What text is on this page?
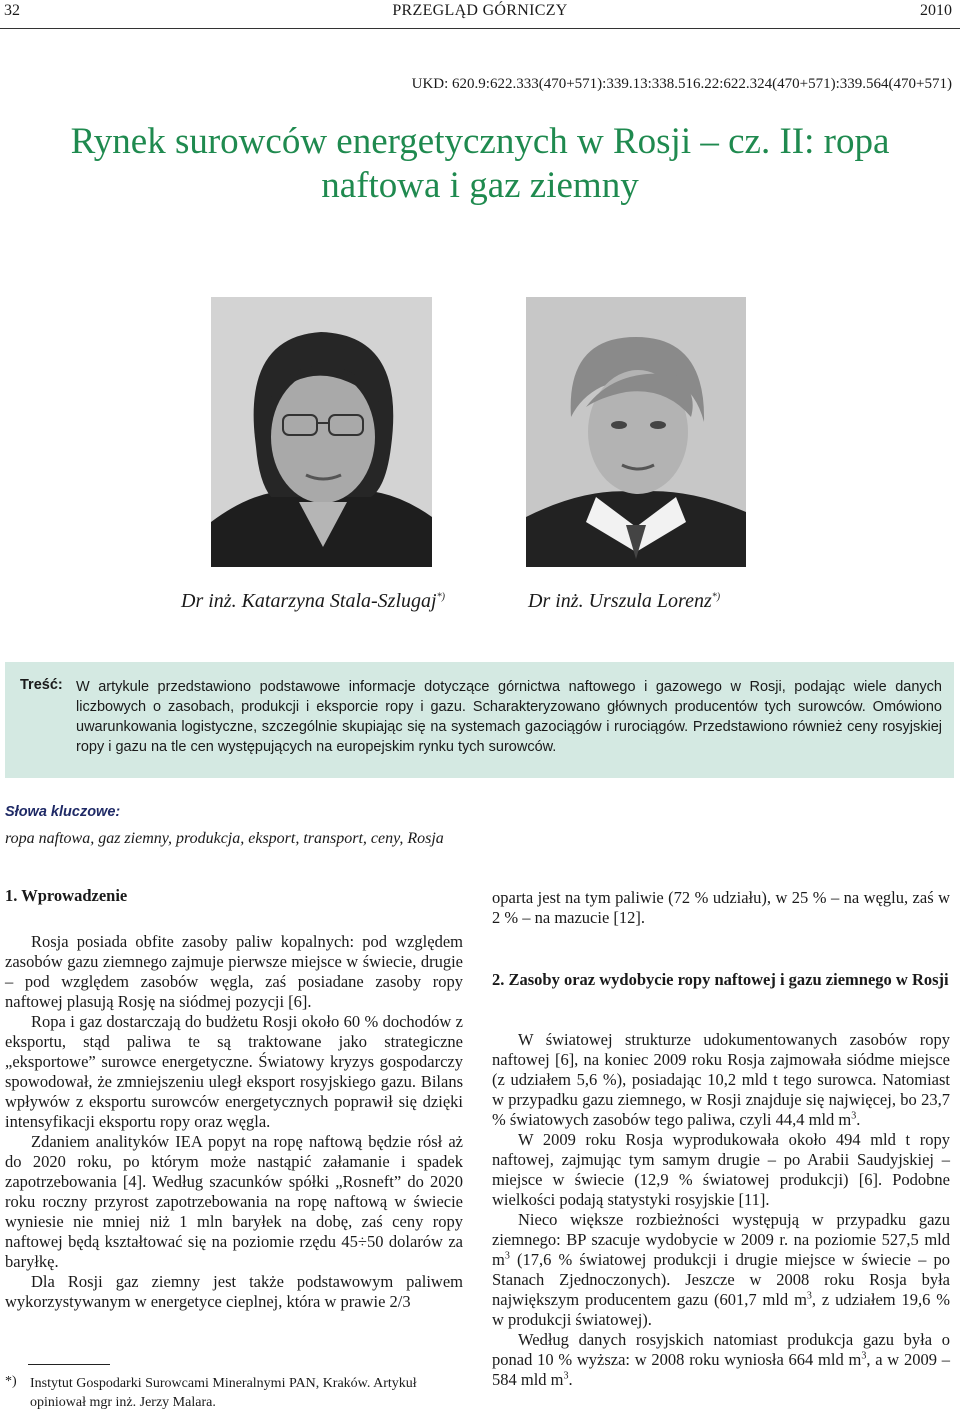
32	PRZEGLĄD GÓRNICZY	2010
UKD: 620.9:622.333(470+571):339.13:338.516.22:622.324(470+571):339.564(470+571)
Rynek surowców energetycznych w Rosji – cz. II: ropa naftowa i gaz ziemny
Dr inż. Katarzyna Stala-Szlugaj*)	Dr inż. Urszula Lorenz*)
Treść: W artykule przedstawiono podstawowe informacje dotyczące górnictwa naftowego i gazowego w Rosji, podając wiele danych liczbowych o zasobach, produkcji i eksporcie ropy i gazu. Scharakteryzowano głównych producentów tych surowców. Omówiono uwarunkowania logistyczne, szczególnie skupiając się na systemach gazociągów i rurociągów. Przedstawiono również ceny rosyjskiej ropy i gazu na tle cen występujących na europejskim rynku tych surowców.
Słowa kluczowe:
ropa naftowa, gaz ziemny, produkcja, eksport, transport, ceny, Rosja
1. Wprowadzenie

Rosja posiada obfite zasoby paliw kopalnych: pod względem zasobów gazu ziemnego zajmuje pierwsze miejsce w świecie, drugie – pod względem zasobów węgla, zaś posiadane zasoby ropy naftowej plasują Rosję na siódmej pozycji [6].

Ropa i gaz dostarczają do budżetu Rosji około 60 % dochodów z eksportu, stąd paliwa te są traktowane jako strategiczne „eksportowe” surowce energetyczne. Światowy kryzys gospodarczy spowodował, że zmniejszeniu uległ eksport rosyjskiego gazu. Bilans wpływów z eksportu surowców energetycznych poprawił się dzięki intensyfikacji eksportu ropy oraz węgla.

Zdaniem analityków IEA popyt na ropę naftową będzie rósł aż do 2020 roku, po którym może nastąpić załamanie i spadek zapotrzebowania [4]. Według szacunków spółki „Rosneft” do 2020 roku roczny przyrost zapotrzebowania na ropę naftową w świecie wyniesie nie mniej niż 1 mln baryłek na dobę, zaś ceny ropy naftowej będą kształtować się na poziomie rzędu 45÷50 dolarów za baryłkę.

Dla Rosji gaz ziemny jest także podstawowym paliwem wykorzystywanym w energetyce cieplnej, która w prawie 2/3

oparta jest na tym paliwie (72 % udziału), w 25 % – na węglu, zaś w 2 % – na mazucie [12].

2. Zasoby oraz wydobycie ropy naftowej i gazu ziemnego w Rosji

W światowej strukturze udokumentowanych zasobów ropy naftowej [6], na koniec 2009 roku Rosja zajmowała siódme miejsce (z udziałem 5,6 %), posiadając 10,2 mld t tego surowca. Natomiast w przypadku gazu ziemnego, w Rosji znajduje się najwięcej, bo 23,7 % światowych zasobów tego paliwa, czyli 44,4 mld $m^3$.

W 2009 roku Rosja wyprodukowała około 494 mld t ropy naftowej, zajmując tym samym drugie – po Arabii Saudyjskiej – miejsce w świecie (12,9 % światowej produkcji) [6]. Podobne wielkości podają statystyki rosyjskie [11].

Nieco większe rozbieżności występują w przypadku gazu ziemnego: BP szacuje wydobycie w 2009 r. na poziomie 527,5 mld $m^3$ (17,6 % światowej produkcji i drugie miejsce w świecie – po Stanach Zjednoczonych). Jeszcze w 2008 roku Rosja była największym producentem gazu (601,7 mld $m^3$, z udziałem 19,6 % w produkcji światowej).

Według danych rosyjskich natomiast produkcja gazu była o ponad 10 % wyższa: w 2008 roku wyniosła 664 mld $m^3$, a w 2009 – 584 mld $m^3$.

*) Instytut Gospodarki Surowcami Mineralnymi PAN, Kraków. Artykuł opiniował mgr inż. Jerzy Malara.
